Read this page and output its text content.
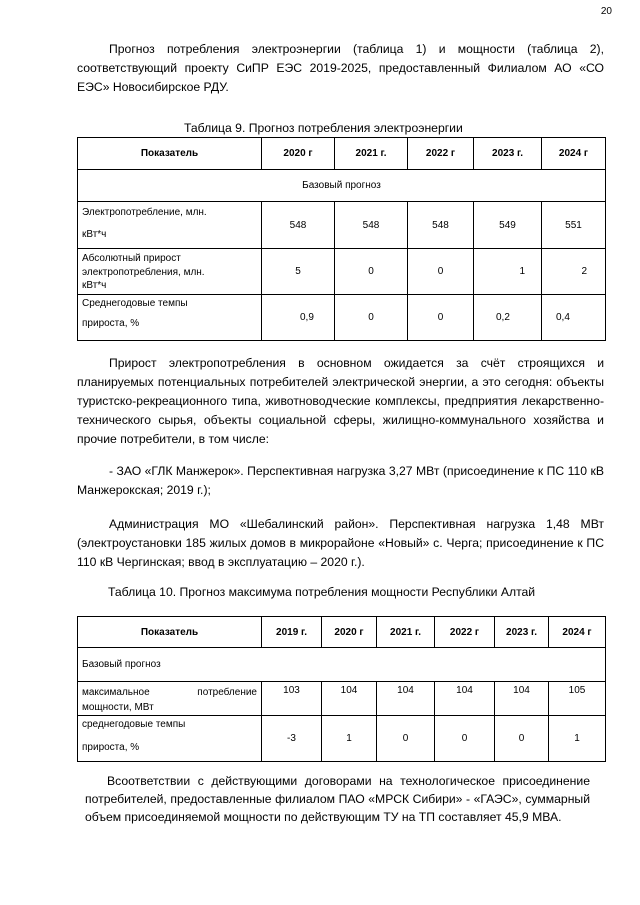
20

Прогноз потребления электроэнергии (таблица 1) и мощности (таблица 2), соответствующий проекту СиПР ЕЭС 2019-2025, предоставленный Филиалом АО «СО ЕЭС» Новосибирское РДУ.

Таблица 9. Прогноз потребления электроэнергии

Показатель	2020 г	2021 г.	2022 г	2023 г.	2024 г
Базовый прогноз					

Электропотребление, млн.
кВт*ч	548	548	548	549	551

Абсолютный прирост электропотребления, млн.
кВт*ч	5	0	0	1	2

Среднегодовые темпы
прироста, %	0,9	0	0	0,2	0,4

Прирост электропотребления в основном ожидается за счёт строящихся и планируемых потенциальных потребителей электрической энергии, а это сегодня: объекты туристско-рекреационного типа, животноводческие комплексы, предприятия лекарственно-технического сырья, объекты социальной сферы, жилищно-коммунального хозяйства и прочие потребители, в том числе:

- ЗАО «ГЛК Манжерок». Перспективная нагрузка 3,27 МВт (присоединение к ПС 110 кВ Манжерокская; 2019 г.);

Администрация МО «Шебалинский район». Перспективная нагрузка 1,48 МВт (электроустановки 185 жилых домов в микрорайоне «Новый» с. Черга; присоединение к ПС 110 кВ Чергинская; ввод в эксплуатацию – 2020 г.).

Таблица 10. Прогноз максимума потребления мощности Республики Алтай

Показатель	2019 г.	2020 г	2021 г.	2022 г	2023 г.	2024 г
Базовый прогноз						

максимальное потребление
мощности, МВт	103	104	104	104	104	105

среднегодовые темпы
прироста, %	-3	1	0	0	0	1

Всоответствии с действующими договорами на технологическое присоединение потребителей, предоставленные филиалом ПАО «МРСК Сибири» - «ГАЭС», суммарный объем присоединяемой мощности по действующим ТУ на ТП составляет 45,9 МВА.
